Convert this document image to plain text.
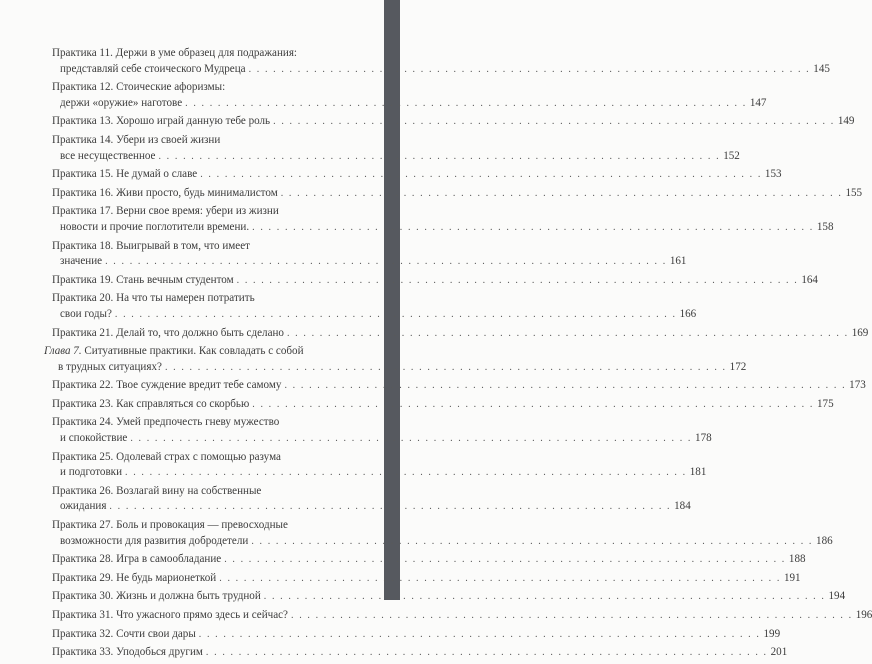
Практика 11. Держи в уме образец для подражания:
представляй себе стоического Мудреца . . .	145
Практика 12. Стоические афоризмы:
держи «оружие» наготове . . .	147
Практика 13. Хорошо играй данную тебе роль . . .	149
Практика 14. Убери из своей жизни
все несущественное . . .	152
Практика 15. Не думай о славе . . .	153
Практика 16. Живи просто, будь минималистом . . .	155
Практика 17. Верни свое время: убери из жизни
новости и прочие поглотители времени. . . .	158
Практика 18. Выигрывай в том, что имеет
значение . . .	161
Практика 19. Стань вечным студентом . . .	164
Практика 20. На что ты намерен потратить
свои годы? . . .	166
Практика 21. Делай то, что должно быть сделано . . .	169
Глава 7. Ситуативные практики. Как совладать с собой
в трудных ситуациях? . . .	172
Практика 22. Твое суждение вредит тебе самому . . .	173
Практика 23. Как справляться со скорбью . . .	175
Практика 24. Умей предпочесть гневу мужество
и спокойствие . . .	178
Практика 25. Одолевай страх с помощью разума
и подготовки . . .	181
Практика 26. Возлагай вину на собственные
ожидания . . .	184
Практика 27. Боль и провокация — превосходные
возможности для развития добродетели . . .	186
Практика 28. Игра в самообладание . . .	188
Практика 29. Не будь марионеткой . . .	191
Практика 30. Жизнь и должна быть трудной . . .	194
Практика 31. Что ужасного прямо здесь и сейчас? . . .	196
Практика 32. Сочти свои дары . . .	199
Практика 33. Уподобься другим . . .	201
